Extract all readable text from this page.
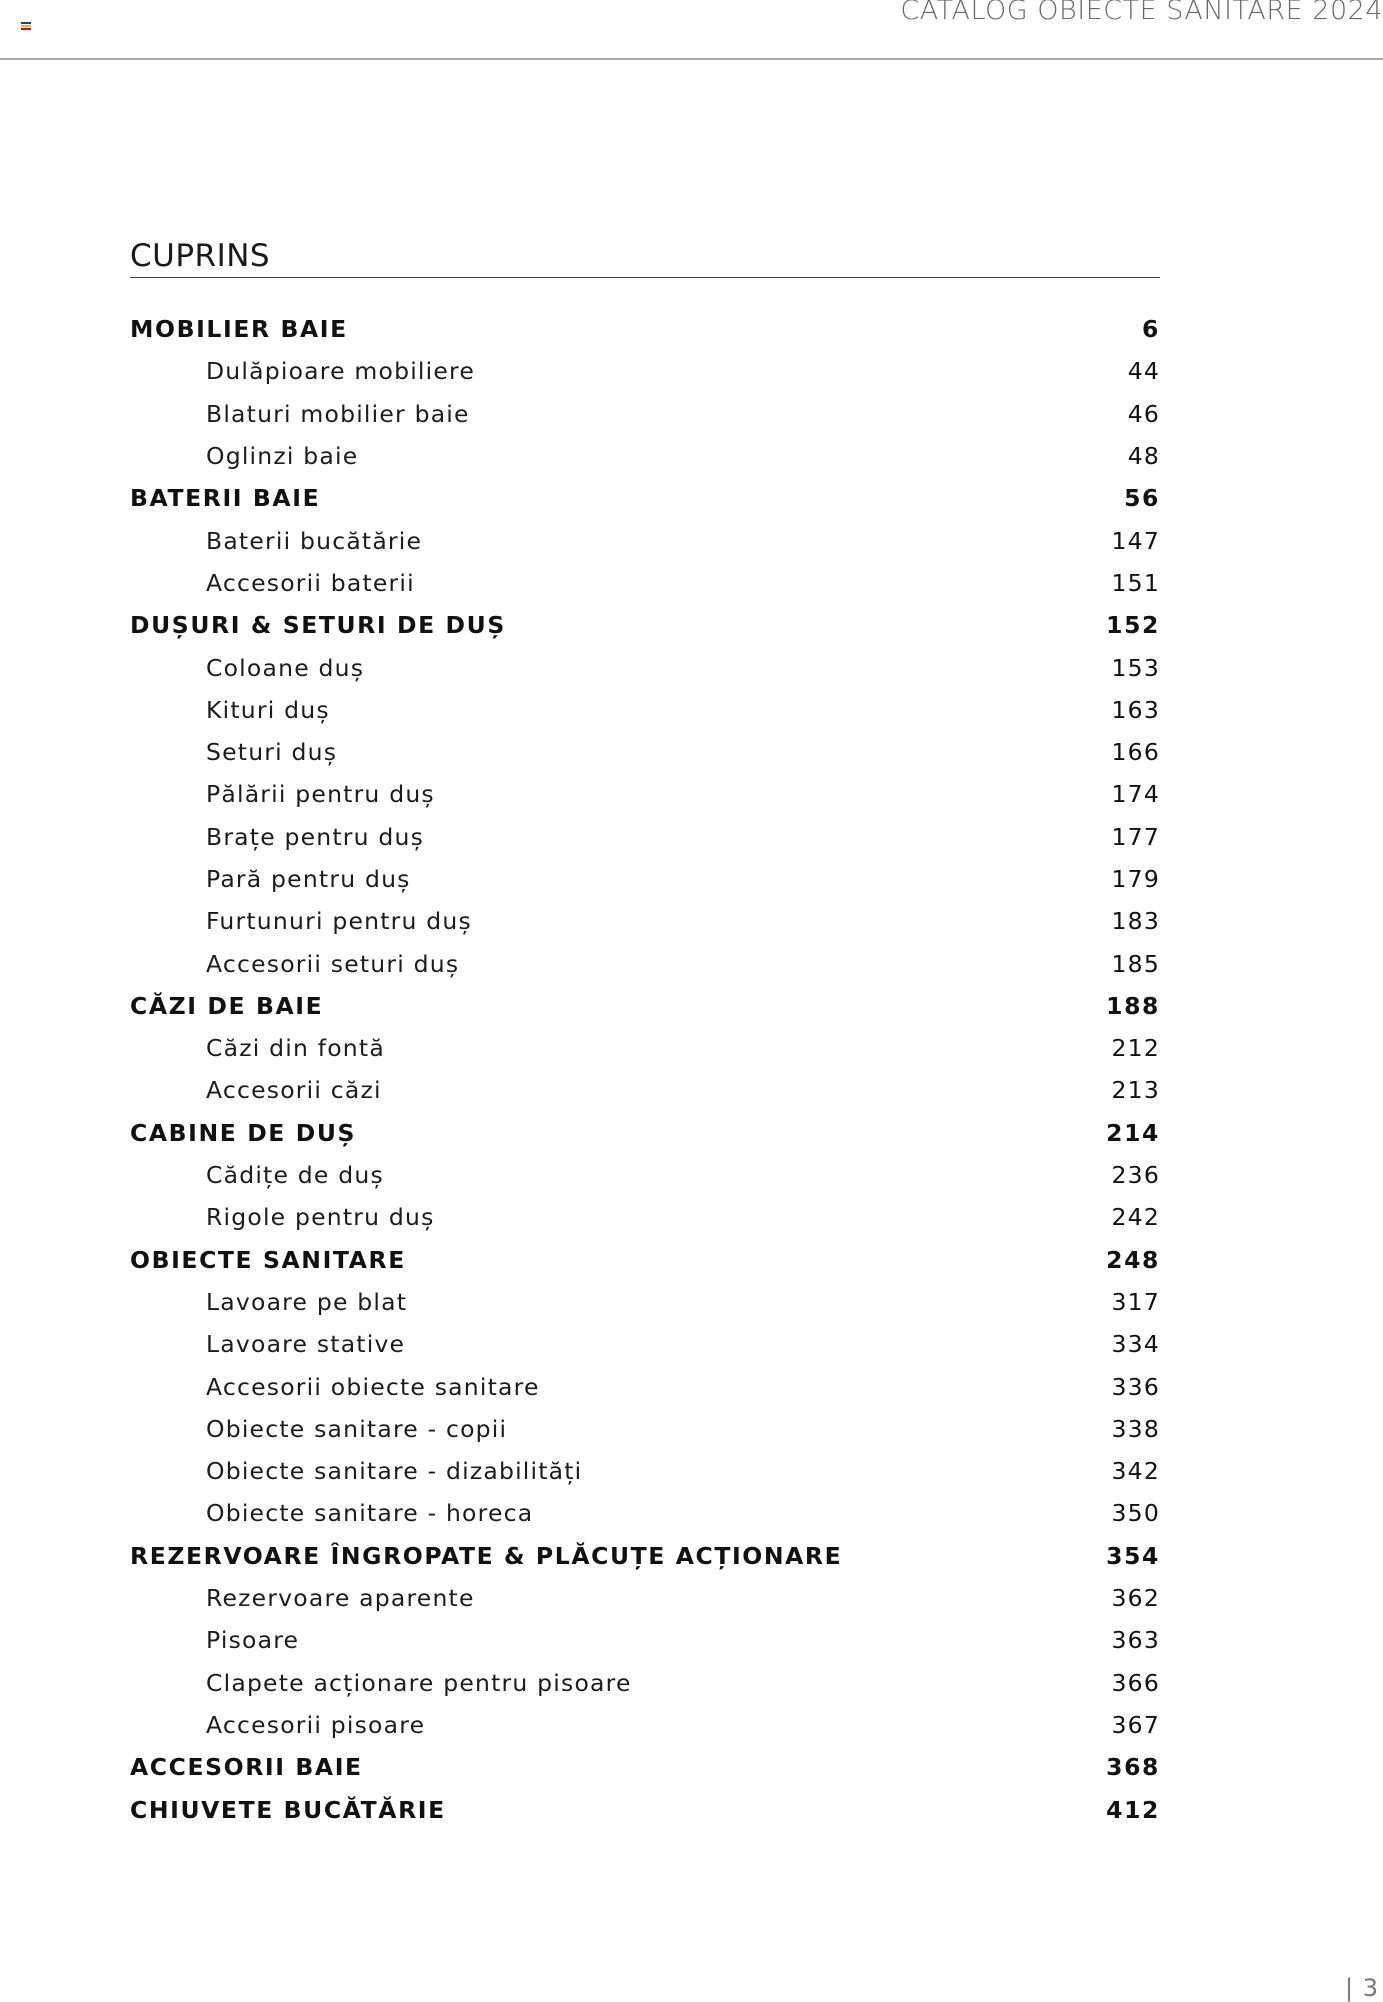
CATALOG OBIECTE SANITARE 2024
CUPRINS
MOBILIER BAIE	6
Dulăpioare mobiliere	44
Blaturi mobilier baie	46
Oglinzi baie	48
BATERII BAIE	56
Baterii bucătărie	147
Accesorii baterii	151
DUȘURI & SETURI DE DUȘ	152
Coloane duș	153
Kituri duș	163
Seturi duș	166
Pălării pentru duș	174
Brațe pentru duș	177
Pară pentru duș	179
Furtunuri pentru duș	183
Accesorii seturi duș	185
CĂZI DE BAIE	188
Căzi din fontă	212
Accesorii căzi	213
CABINE DE DUȘ	214
Cădițe de duș	236
Rigole pentru duș	242
OBIECTE SANITARE	248
Lavoare pe blat	317
Lavoare stative	334
Accesorii obiecte sanitare	336
Obiecte sanitare - copii	338
Obiecte sanitare - dizabilități	342
Obiecte sanitare - horeca	350
REZERVOARE ÎNGROPATE & PLĂCUȚE ACȚIONARE	354
Rezervoare aparente	362
Pisoare	363
Clapete acționare pentru pisoare	366
Accesorii pisoare	367
ACCESORII BAIE	368
CHIUVETE BUCĂTĂRIE	412
| 3
